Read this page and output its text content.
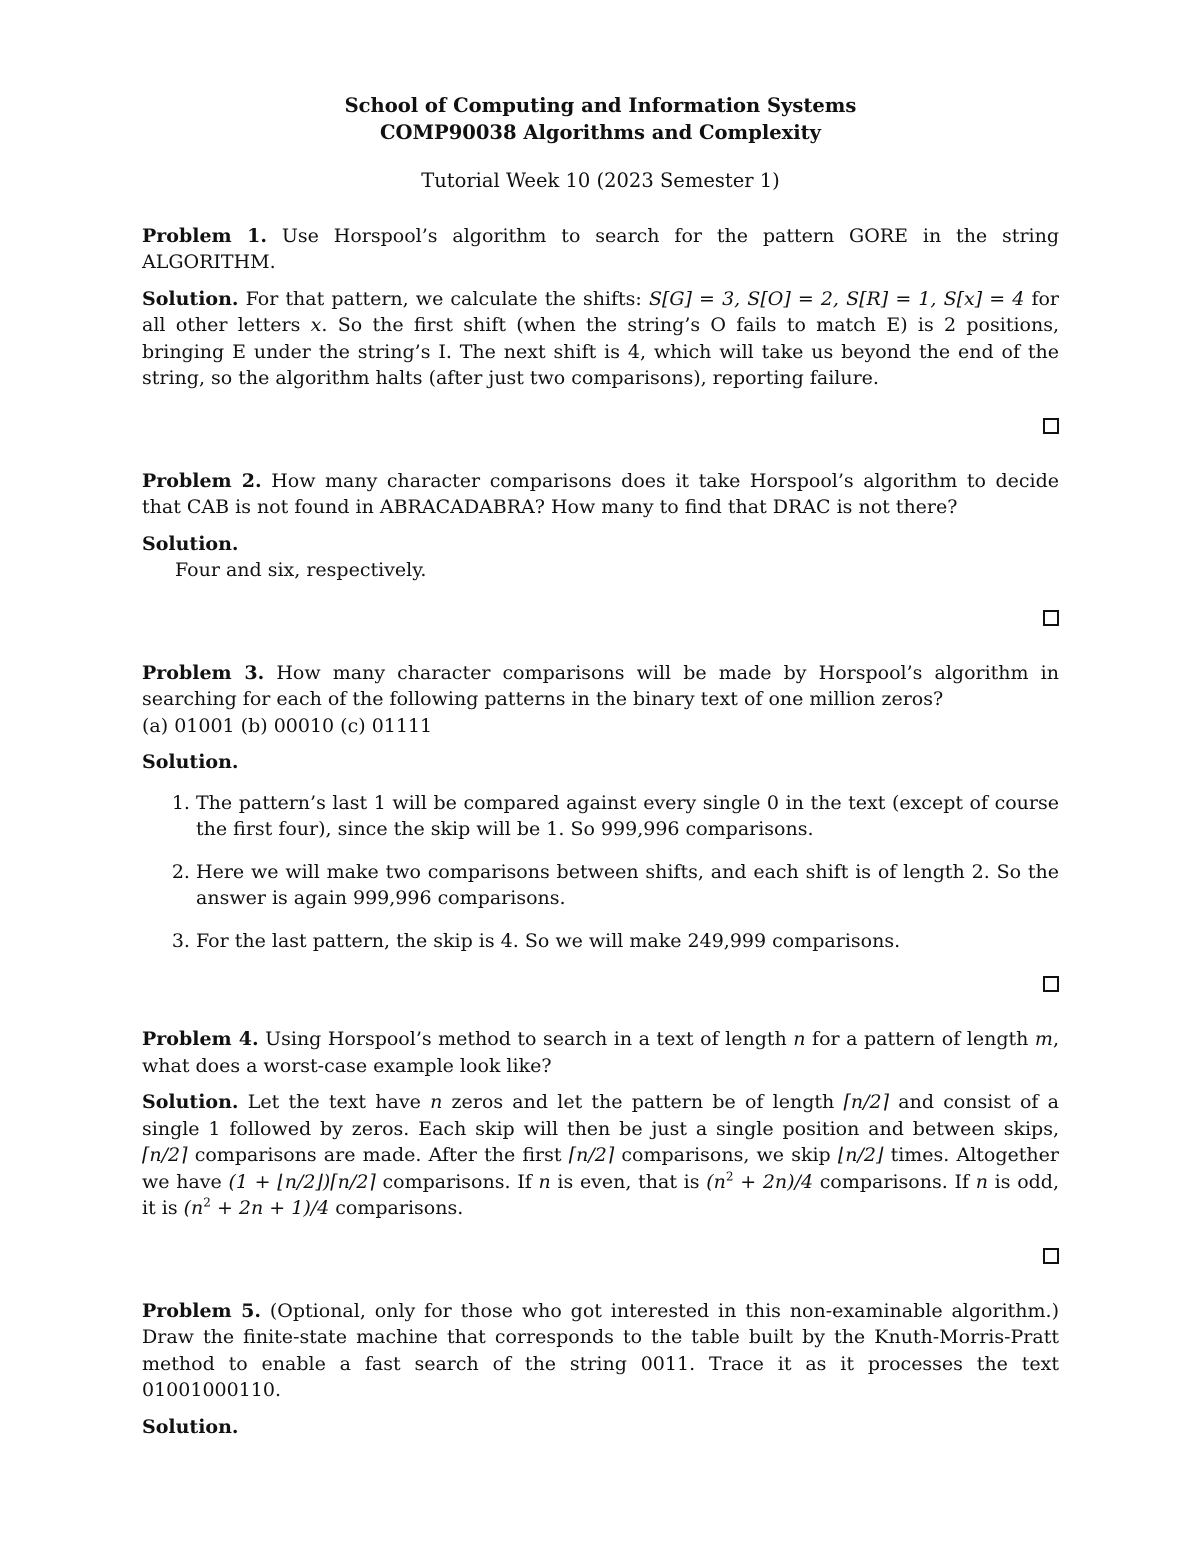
School of Computing and Information Systems
COMP90038 Algorithms and Complexity
Tutorial Week 10 (2023 Semester 1)
Problem 1. Use Horspool’s algorithm to search for the pattern GORE in the string ALGORITHM.
Solution. For that pattern, we calculate the shifts: S[G] = 3, S[O] = 2, S[R] = 1, S[x] = 4 for all other letters x. So the first shift (when the string’s O fails to match E) is 2 positions, bringing E under the string’s I. The next shift is 4, which will take us beyond the end of the string, so the algorithm halts (after just two comparisons), reporting failure.
Problem 2. How many character comparisons does it take Horspool’s algorithm to decide that CAB is not found in ABRACADABRA? How many to find that DRAC is not there?
Solution.
Four and six, respectively.
Problem 3. How many character comparisons will be made by Horspool’s algorithm in searching for each of the following patterns in the binary text of one million zeros?
(a) 01001 (b) 00010 (c) 01111
Solution.
1. The pattern’s last 1 will be compared against every single 0 in the text (except of course the first four), since the skip will be 1. So 999,996 comparisons.
2. Here we will make two comparisons between shifts, and each shift is of length 2. So the answer is again 999,996 comparisons.
3. For the last pattern, the skip is 4. So we will make 249,999 comparisons.
Problem 4. Using Horspool’s method to search in a text of length n for a pattern of length m, what does a worst-case example look like?
Solution. Let the text have n zeros and let the pattern be of length ⌈n/2⌉ and consist of a single 1 followed by zeros. Each skip will then be just a single position and between skips, ⌈n/2⌉ comparisons are made. After the first ⌈n/2⌉ comparisons, we skip ⌊n/2⌋ times. Altogether we have (1 + ⌊n/2⌋)⌈n/2⌉ comparisons. If n is even, that is $(n^2 + 2n)/4$ comparisons. If n is odd, it is $(n^2 + 2n + 1)/4$ comparisons.
Problem 5. (Optional, only for those who got interested in this non-examinable algorithm.) Draw the finite-state machine that corresponds to the table built by the Knuth-Morris-Pratt method to enable a fast search of the string 0011. Trace it as it processes the text 01001000110.
Solution.
